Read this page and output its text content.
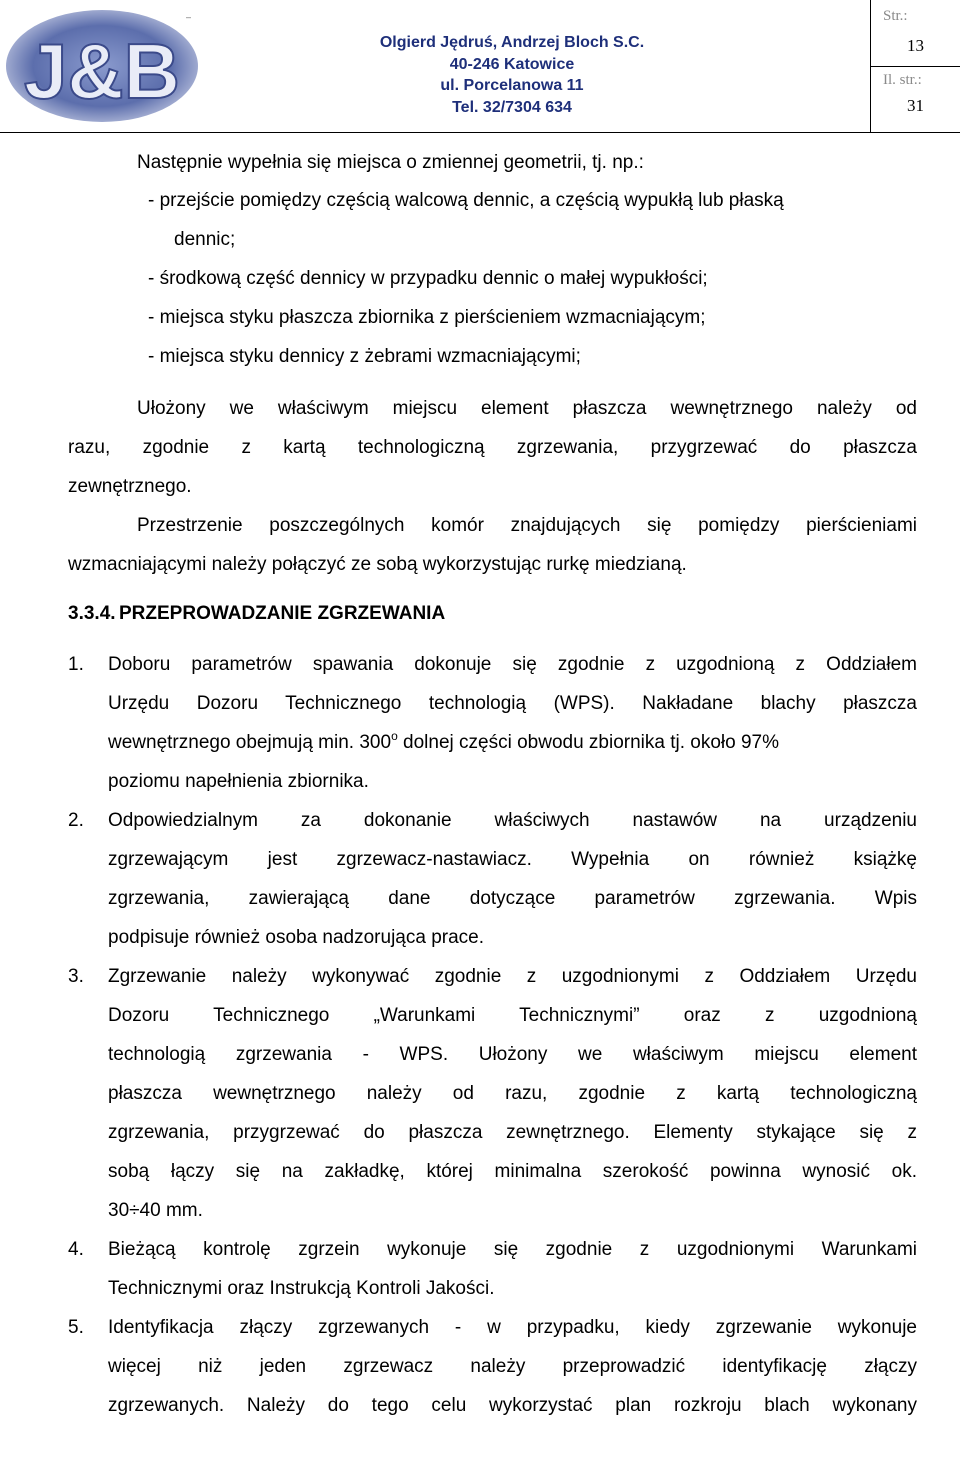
J&B
–
Olgierd Jędruś, Andrzej Bloch S.C.
40-246 Katowice
ul. Porcelanowa 11
Tel. 32/7304 634
Str.:
13
Il. str.:
31
Następnie wypełnia się miejsca o zmiennej geometrii, tj. np.:
- przejście pomiędzy częścią walcową dennic, a częścią wypukłą lub płaską
dennic;
- środkową część dennicy w przypadku dennic o małej wypukłości;
- miejsca styku płaszcza zbiornika z pierścieniem wzmacniającym;
- miejsca styku dennicy z żebrami wzmacniającymi;
Ułożony we właściwym miejscu element płaszcza wewnętrznego należy od
razu, zgodnie z kartą technologiczną zgrzewania, przygrzewać do płaszcza
zewnętrznego.
Przestrzenie poszczególnych komór znajdujących się pomiędzy pierścieniami
wzmacniającymi należy połączyć ze sobą wykorzystując rurkę miedzianą.
3.3.4. PRZEPROWADZANIE ZGRZEWANIA
1. Doboru parametrów spawania dokonuje się zgodnie z uzgodnioną z Oddziałem
Urzędu Dozoru Technicznego technologią (WPS). Nakładane blachy płaszcza
wewnętrznego obejmują min. 300$^o$ dolnej części obwodu zbiornika tj. około 97%
poziomu napełnienia zbiornika.
2. Odpowiedzialnym za dokonanie właściwych nastawów na urządzeniu
zgrzewającym jest zgrzewacz-nastawiacz. Wypełnia on również książkę
zgrzewania, zawierającą dane dotyczące parametrów zgrzewania. Wpis
podpisuje również osoba nadzorująca prace.
3. Zgrzewanie należy wykonywać zgodnie z uzgodnionymi z Oddziałem Urzędu
Dozoru Technicznego „Warunkami Technicznymi” oraz z uzgodnioną
technologią zgrzewania - WPS. Ułożony we właściwym miejscu element
płaszcza wewnętrznego należy od razu, zgodnie z kartą technologiczną
zgrzewania, przygrzewać do płaszcza zewnętrznego. Elementy stykające się z
sobą łączy się na zakładkę, której minimalna szerokość powinna wynosić ok.
30÷40 mm.
4. Bieżącą kontrolę zgrzein wykonuje się zgodnie z uzgodnionymi Warunkami
Technicznymi oraz Instrukcją Kontroli Jakości.
5. Identyfikacja złączy zgrzewanych - w przypadku, kiedy zgrzewanie wykonuje
więcej niż jeden zgrzewacz należy przeprowadzić identyfikację złączy
zgrzewanych. Należy do tego celu wykorzystać plan rozkroju blach wykonany
